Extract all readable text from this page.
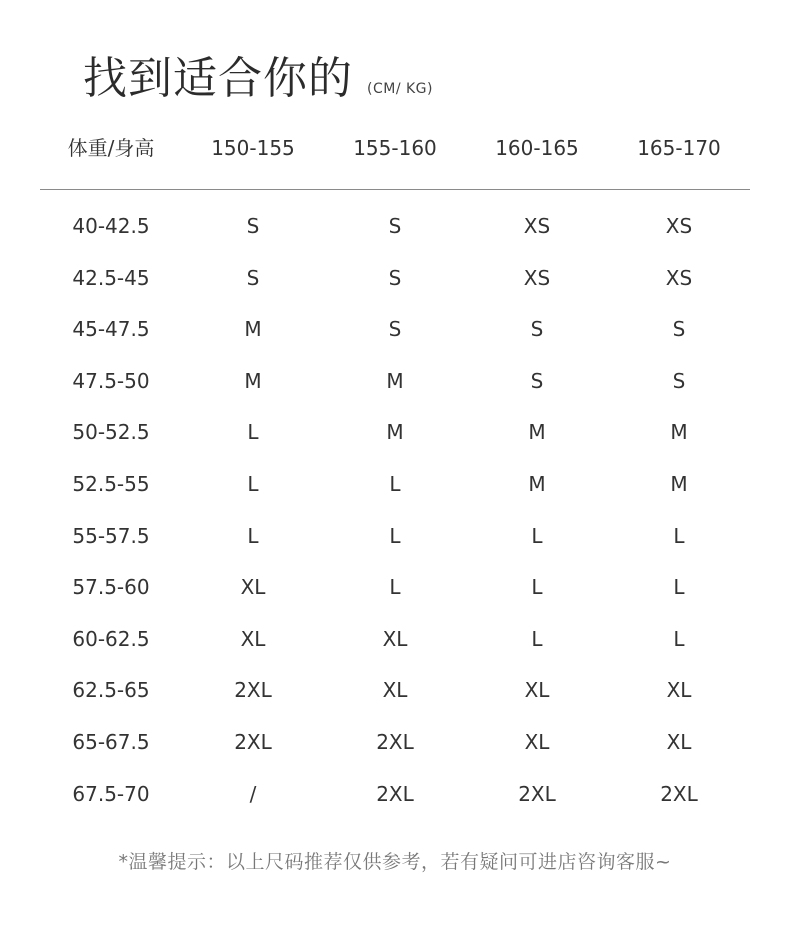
找到适合你的 (CM/ KG)
体重/身高	150-155	155-160	160-165	165-170
40-42.5	S	S	XS	XS
42.5-45	S	S	XS	XS
45-47.5	M	S	S	S
47.5-50	M	M	S	S
50-52.5	L	M	M	M
52.5-55	L	L	M	M
55-57.5	L	L	L	L
57.5-60	XL	L	L	L
60-62.5	XL	XL	L	L
62.5-65	2XL	XL	XL	XL
65-67.5	2XL	2XL	XL	XL
67.5-70	/	2XL	2XL	2XL
*温馨提示：以上尺码推荐仅供参考，若有疑问可进店咨询客服~
